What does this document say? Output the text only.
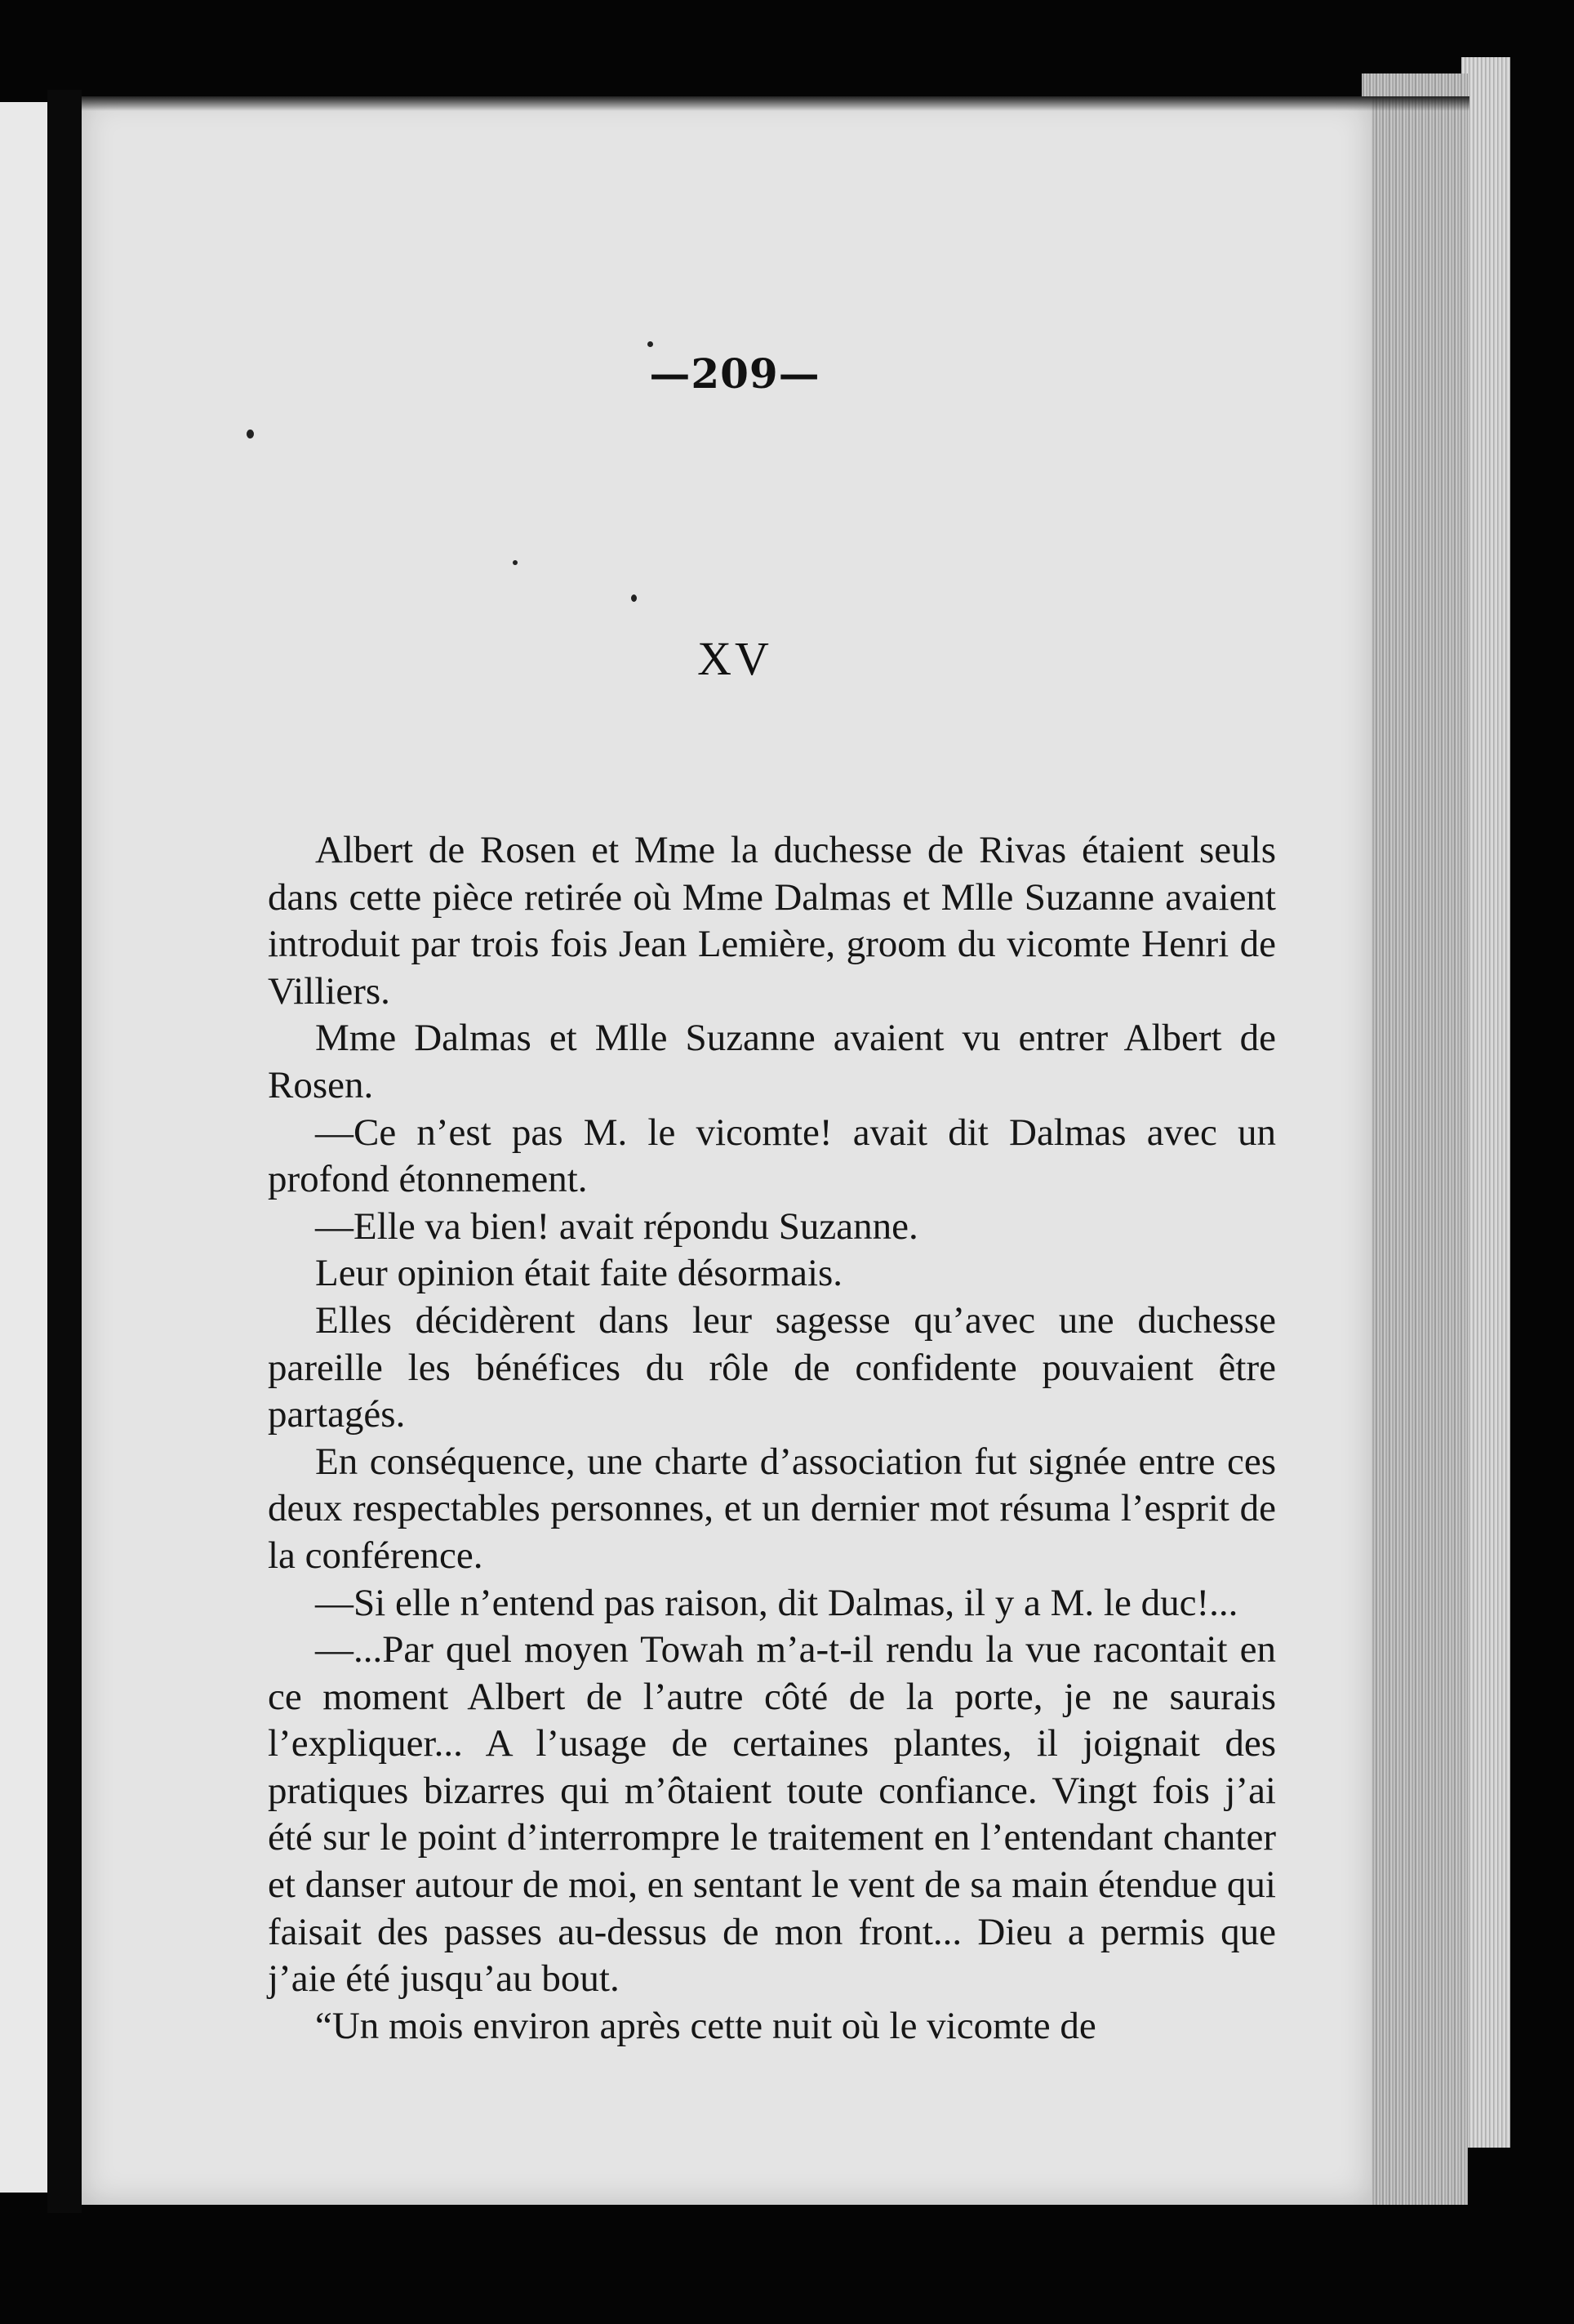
—209—
XV

Albert de Rosen et Mme la duchesse de Rivas étaient seuls dans cette pièce retirée où Mme Dalmas et Mlle Suzanne avaient introduit par trois fois Jean Lemière, groom du vicomte Henri de Villiers.

Mme Dalmas et Mlle Suzanne avaient vu entrer Albert de Rosen.

—Ce n’est pas M. le vicomte! avait dit Dalmas avec un profond étonnement.

—Elle va bien! avait répondu Suzanne.

Leur opinion était faite désormais.

Elles décidèrent dans leur sagesse qu’avec une duchesse pareille les bénéfices du rôle de confidente pouvaient être partagés.

En conséquence, une charte d’association fut signée entre ces deux respectables personnes, et un dernier mot résuma l’esprit de la conférence.

—Si elle n’entend pas raison, dit Dalmas, il y a M. le duc!...

—...Par quel moyen Towah m’a-t-il rendu la vue racontait en ce moment Albert de l’autre côté de la porte, je ne saurais l’expliquer... A l’usage de certaines plantes, il joignait des pratiques bizarres qui m’ôtaient toute confiance. Vingt fois j’ai été sur le point d’interrompre le traitement en l’entendant chanter et danser autour de moi, en sentant le vent de sa main étendue qui faisait des passes au-dessus de mon front... Dieu a permis que j’aie été jusqu’au bout.

“Un mois environ après cette nuit où le vicomte de
